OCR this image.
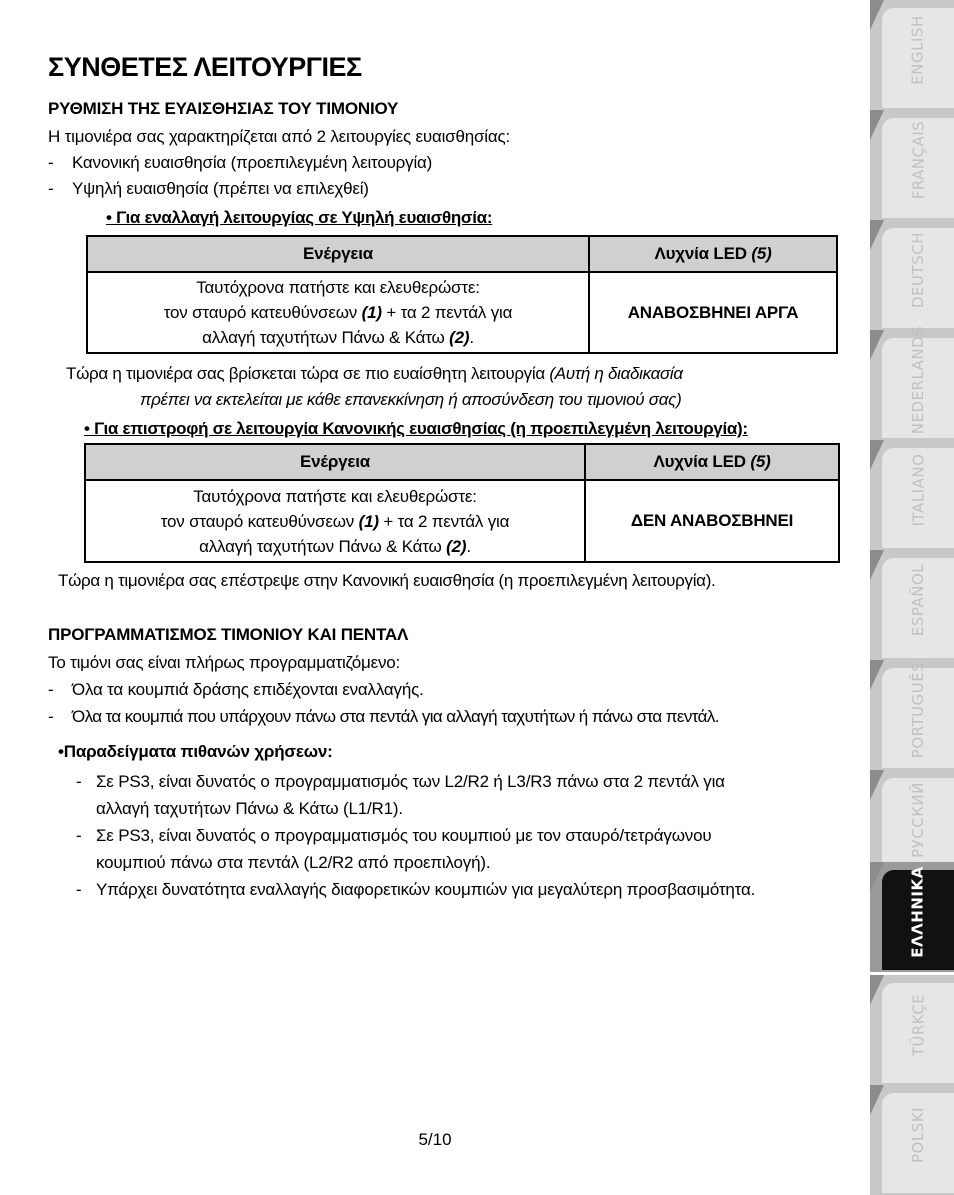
ΣΥΝΘΕΤΕΣ ΛΕΙΤΟΥΡΓΙΕΣ
ΡΥΘΜΙΣΗ ΤΗΣ ΕΥΑΙΣΘΗΣΙΑΣ ΤΟΥ ΤΙΜΟΝΙΟΥ
Η τιμονιέρα σας χαρακτηρίζεται από 2 λειτουργίες ευαισθησίας:
-	Κανονική ευαισθησία (προεπιλεγμένη λειτουργία)
-	Υψηλή ευαισθησία (πρέπει να επιλεχθεί)
• Για εναλλαγή λειτουργίας σε Υψηλή ευαισθησία:
Ενέργεια	Λυχνία LED (5)

Ταυτόχρονα πατήστε και ελευθερώστε:
τον σταυρό κατευθύνσεων (1) + τα 2 πεντάλ για
αλλαγή ταχυτήτων Πάνω & Κάτω (2).	ΑΝΑΒΟΣΒΗΝΕΙ ΑΡΓΑ
Τώρα η τιμονιέρα σας βρίσκεται τώρα σε πιο ευαίσθητη λειτουργία (Αυτή η διαδικασία
πρέπει να εκτελείται με κάθε επανεκκίνηση ή αποσύνδεση του τιμονιού σας)
• Για επιστροφή σε λειτουργία Κανονικής ευαισθησίας (η προεπιλεγμένη λειτουργία):
Ενέργεια	Λυχνία LED (5)

Ταυτόχρονα πατήστε και ελευθερώστε:
τον σταυρό κατευθύνσεων (1) + τα 2 πεντάλ για
αλλαγή ταχυτήτων Πάνω & Κάτω (2).	ΔΕΝ ΑΝΑΒΟΣΒΗΝΕΙ
Τώρα η τιμονιέρα σας επέστρεψε στην Κανονική ευαισθησία (η προεπιλεγμένη λειτουργία).
ΠΡΟΓΡΑΜΜΑΤΙΣΜΟΣ ΤΙΜΟΝΙΟΥ ΚΑΙ ΠΕΝΤΑΛ
Το τιμόνι σας είναι πλήρως προγραμματιζόμενο:
-	Όλα τα κουμπιά δράσης επιδέχονται εναλλαγής.
-	Όλα τα κουμπιά που υπάρχουν πάνω στα πεντάλ για αλλαγή ταχυτήτων ή πάνω στα πεντάλ.
•Παραδείγματα πιθανών χρήσεων:
- Σε PS3, είναι δυνατός ο προγραμματισμός των L2/R2 ή L3/R3 πάνω στα 2 πεντάλ για
αλλαγή ταχυτήτων Πάνω & Κάτω (L1/R1).
- Σε PS3, είναι δυνατός ο προγραμματισμός του κουμπιού με τον σταυρό/τετράγωνου
κουμπιού πάνω στα πεντάλ (L2/R2 από προεπιλογή).
- Υπάρχει δυνατότητα εναλλαγής διαφορετικών κουμπιών για μεγαλύτερη προσβασιμότητα.
5/10
ENGLISH
FRANÇAIS
DEUTSCH
NEDERLANDS
ITALIANO
ESPAÑOL
PORTUGUÊS
РУССКИЙ
ΕΛΛΗΝΙΚΑ
TÜRKÇE
POLSKI
